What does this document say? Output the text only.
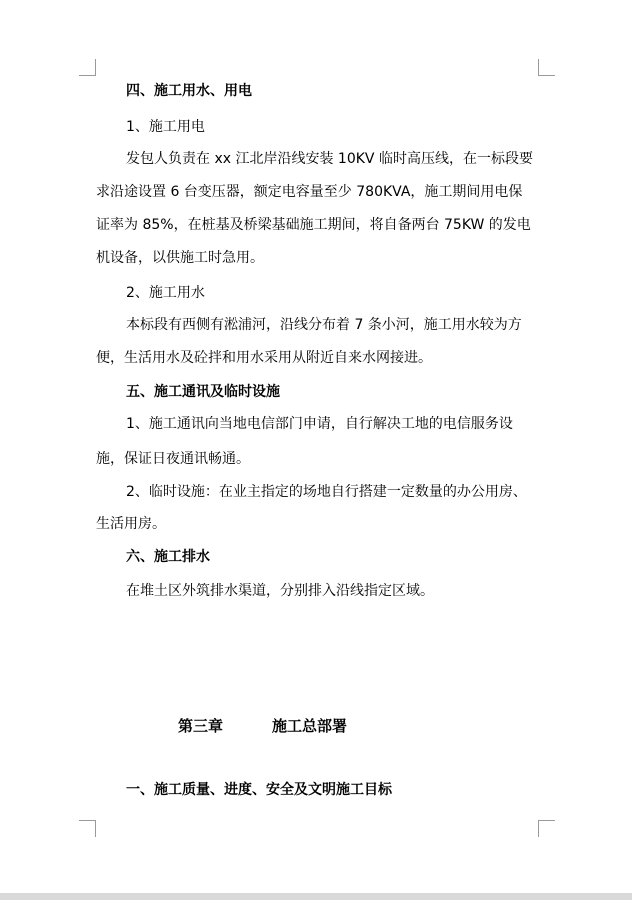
四、施工用水、用电
1、施工用电
发包人负责在 xx 江北岸沿线安装 10KV 临时高压线，在一标段要
求沿途设置 6 台变压器，额定电容量至少 780KVA，施工期间用电保
证率为 85%，在桩基及桥梁基础施工期间，将自备两台 75KW 的发电
机设备，以供施工时急用。
2、施工用水
本标段有西侧有淞浦河，沿线分布着 7 条小河，施工用水较为方
便，生活用水及砼拌和用水采用从附近自来水网接进。
五、施工通讯及临时设施
1、施工通讯向当地电信部门申请，自行解决工地的电信服务设
施，保证日夜通讯畅通。
2、临时设施：在业主指定的场地自行搭建一定数量的办公用房、
生活用房。
六、施工排水
在堆土区外筑排水渠道，分别排入沿线指定区域。
第三章	施工总部署
一、施工质量、进度、安全及文明施工目标
